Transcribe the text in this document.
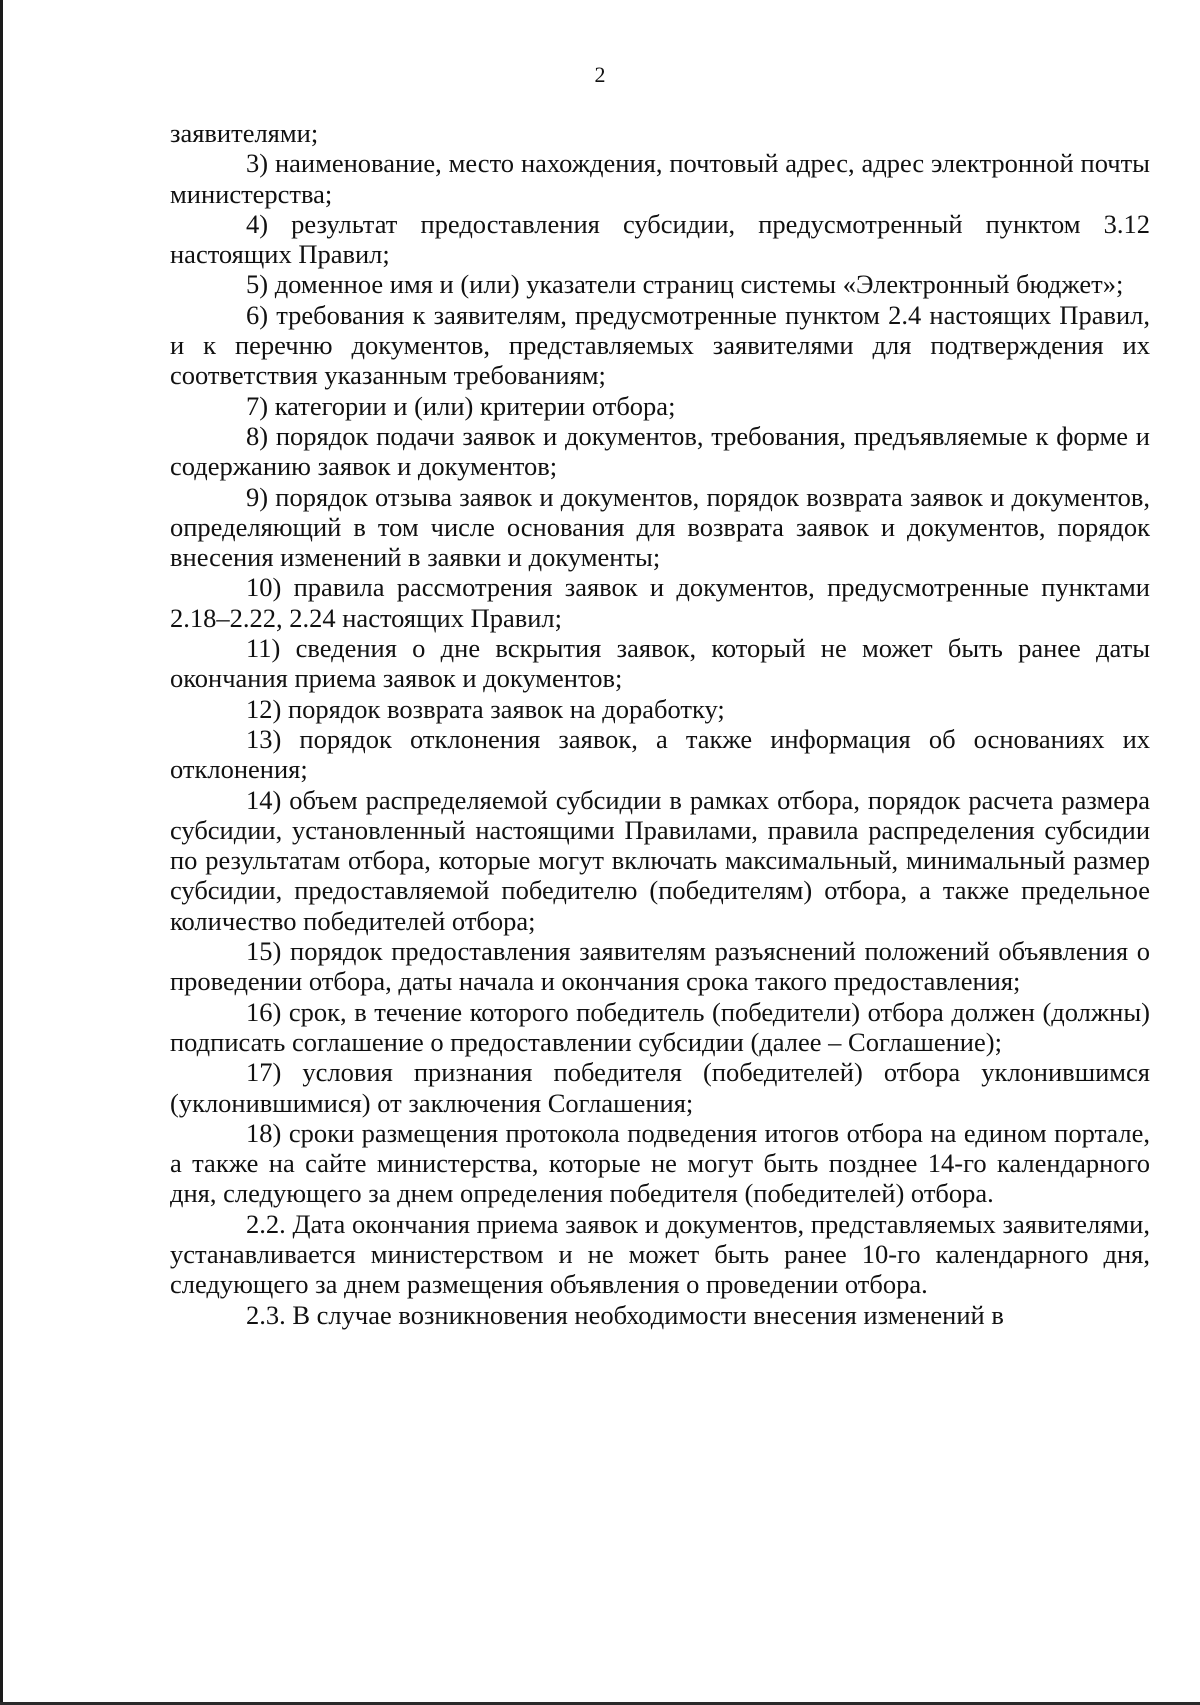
2

заявителями;

3) наименование, место нахождения, почтовый адрес, адрес электронной почты министерства;

4) результат предоставления субсидии, предусмотренный пунктом 3.12 настоящих Правил;

5) доменное имя и (или) указатели страниц системы «Электронный бюджет»;

6) требования к заявителям, предусмотренные пунктом 2.4 настоящих Правил, и к перечню документов, представляемых заявителями для подтверждения их соответствия указанным требованиям;

7) категории и (или) критерии отбора;

8) порядок подачи заявок и документов, требования, предъявляемые к форме и содержанию заявок и документов;

9) порядок отзыва заявок и документов, порядок возврата заявок и документов, определяющий в том числе основания для возврата заявок и документов, порядок внесения изменений в заявки и документы;

10) правила рассмотрения заявок и документов, предусмотренные пунктами 2.18–2.22, 2.24 настоящих Правил;

11) сведения о дне вскрытия заявок, который не может быть ранее даты окончания приема заявок и документов;

12) порядок возврата заявок на доработку;

13) порядок отклонения заявок, а также информация об основаниях их отклонения;

14) объем распределяемой субсидии в рамках отбора, порядок расчета размера субсидии, установленный настоящими Правилами, правила распределения субсидии по результатам отбора, которые могут включать максимальный, минимальный размер субсидии, предоставляемой победителю (победителям) отбора, а также предельное количество победителей отбора;

15) порядок предоставления заявителям разъяснений положений объявления о проведении отбора, даты начала и окончания срока такого предоставления;

16) срок, в течение которого победитель (победители) отбора должен (должны) подписать соглашение о предоставлении субсидии (далее – Соглашение);

17) условия признания победителя (победителей) отбора уклонившимся (уклонившимися) от заключения Соглашения;

18) сроки размещения протокола подведения итогов отбора на едином портале, а также на сайте министерства, которые не могут быть позднее 14-го календарного дня, следующего за днем определения победителя (победителей) отбора.

2.2. Дата окончания приема заявок и документов, представляемых заявителями, устанавливается министерством и не может быть ранее 10-го календарного дня, следующего за днем размещения объявления о проведении отбора.

2.3. В случае возникновения необходимости внесения изменений в
